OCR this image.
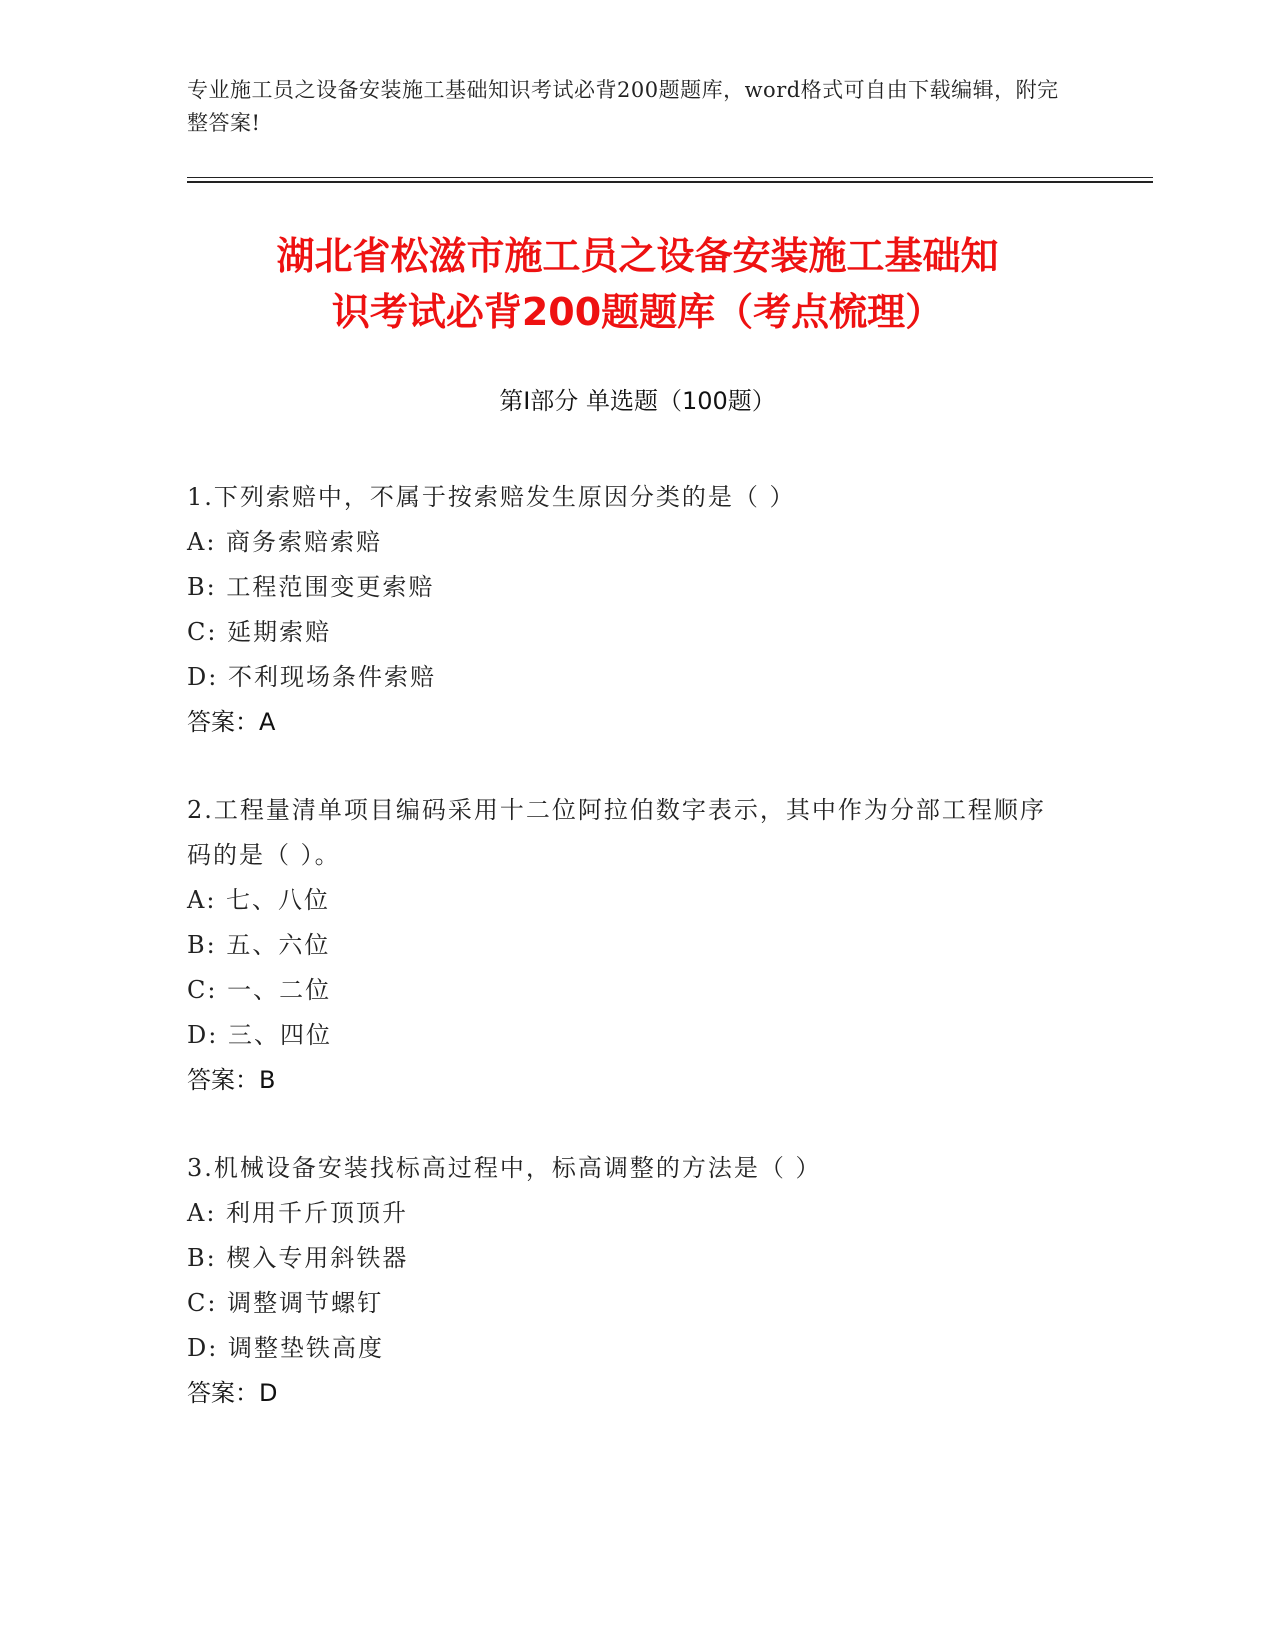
专业施工员之设备安装施工基础知识考试必背200题题库，word格式可自由下载编辑，附完整答案!
湖北省松滋市施工员之设备安装施工基础知
识考试必背200题题库（考点梳理）
第I部分 单选题（100题）
1.下列索赔中，不属于按索赔发生原因分类的是（ ）
A: 商务索赔索赔
B: 工程范围变更索赔
C: 延期索赔
D: 不利现场条件索赔
答案：A
2.工程量清单项目编码采用十二位阿拉伯数字表示，其中作为分部工程顺序码的是（ ）。
A: 七、八位
B: 五、六位
C: 一、二位
D: 三、四位
答案：B
3.机械设备安装找标高过程中，标高调整的方法是（ ）
A: 利用千斤顶顶升
B: 楔入专用斜铁器
C: 调整调节螺钉
D: 调整垫铁高度
答案：D
